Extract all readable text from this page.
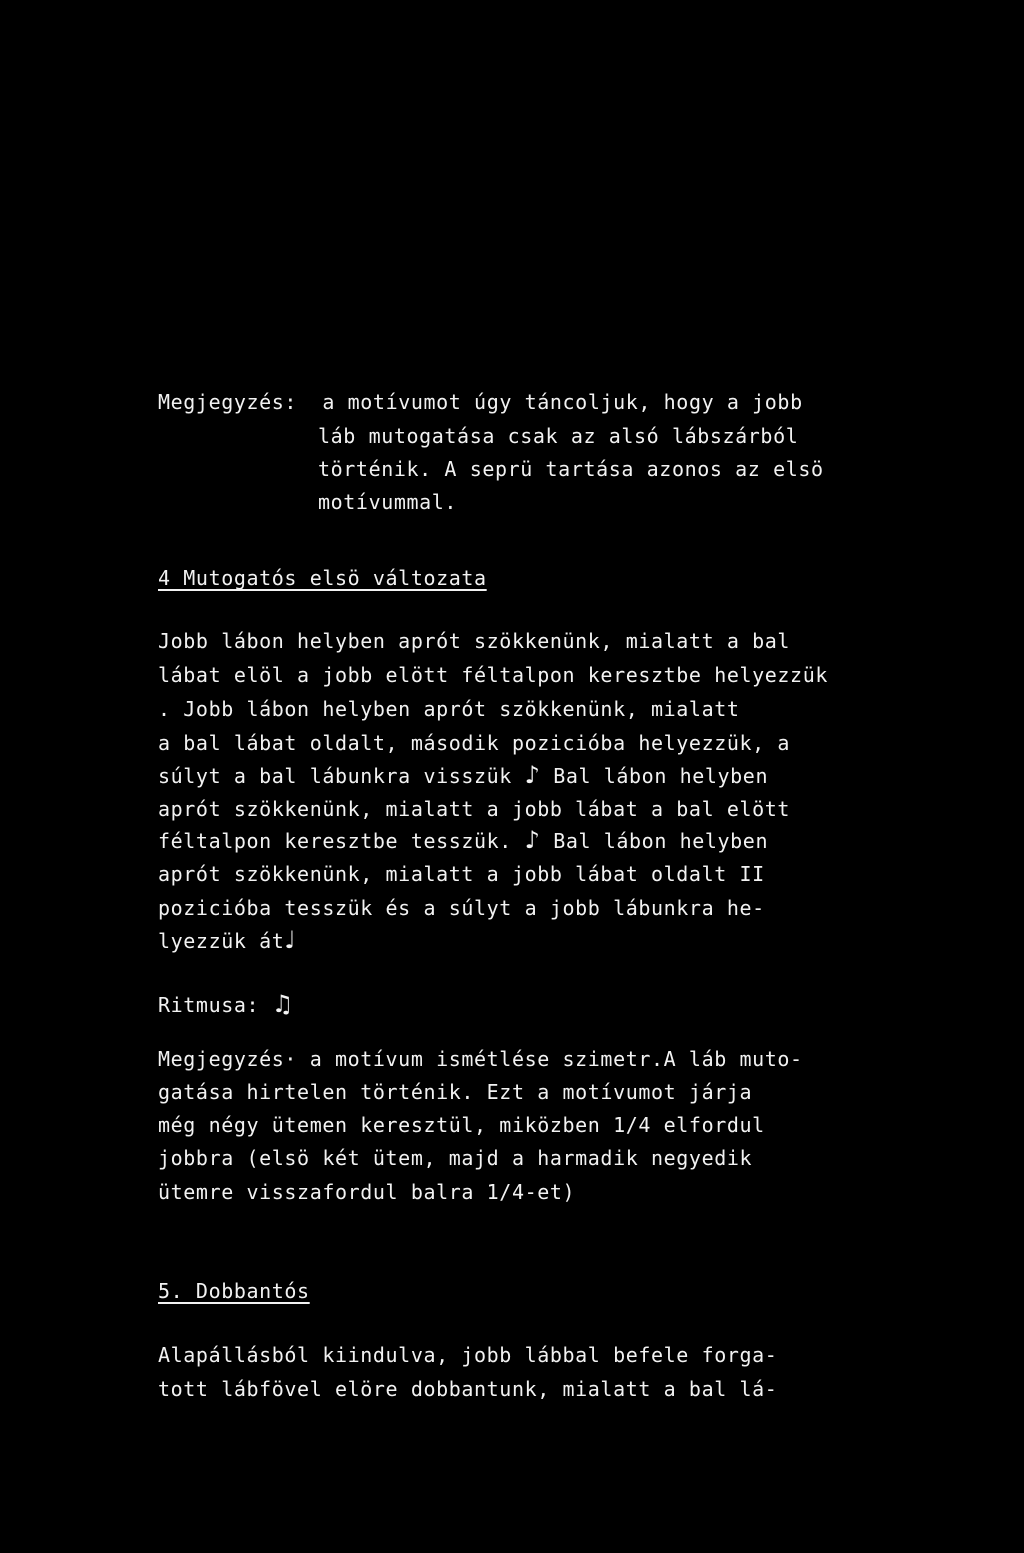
Megjegyzés: a motívumot úgy táncoljuk, hogy a jobb
láb mutogatása csak az alsó lábszárból
történik. A seprü tartása azonos az elsö
motívummal.
4 Mutogatós elsö változata
Jobb lábon helyben aprót szökkenünk, mialatt a bal
lábat elöl a jobb elött féltalpon keresztbe helyezzük
. Jobb lábon helyben aprót szökkenünk, mialatt
a bal lábat oldalt, második pozicióba helyezzük, a
súlyt a bal lábunkra visszük ♪ Bal lábon helyben
aprót szökkenünk, mialatt a jobb lábat a bal elött
féltalpon keresztbe tesszük. ♪ Bal lábon helyben
aprót szökkenünk, mialatt a jobb lábat oldalt II
pozicióba tesszük és a súlyt a jobb lábunkra he-
lyezzük át♩
Ritmusa: ♫
Megjegyzés· a motívum ismétlése szimetr.A láb muto-
gatása hirtelen történik. Ezt a motívumot járja
még négy ütemen keresztül, miközben 1/4 elfordul
jobbra (elsö két ütem, majd a harmadik negyedik
ütemre visszafordul balra 1/4-et)
5. Dobbantós
Alapállásból kiindulva, jobb lábbal befele forga-
tott lábfövel elöre dobbantunk, mialatt a bal lá-
